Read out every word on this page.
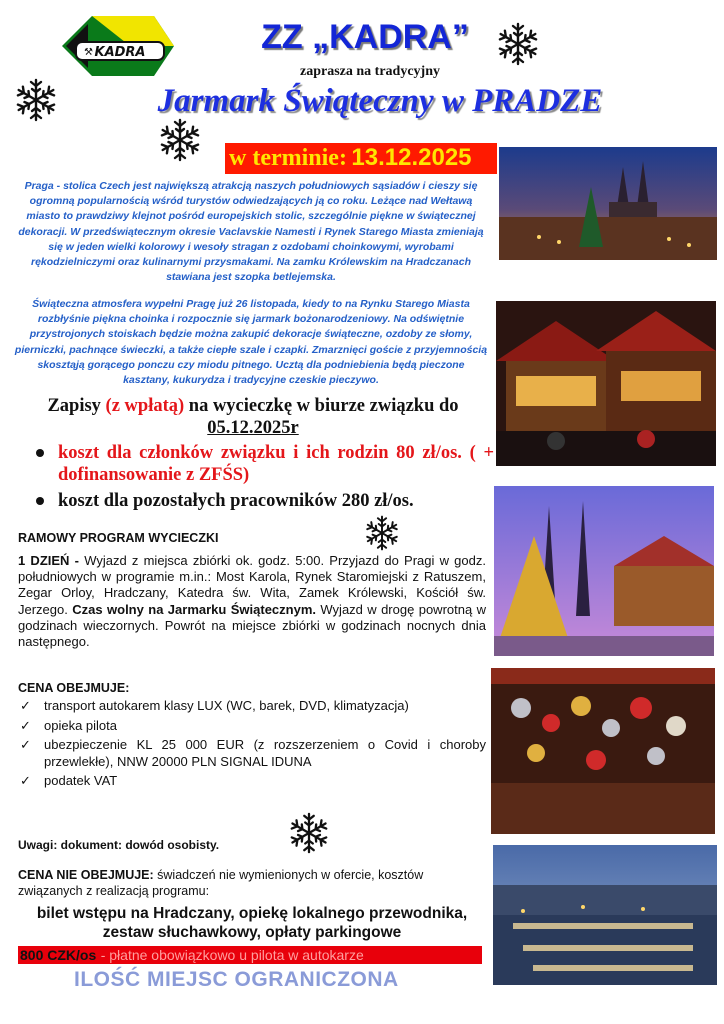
KADRA
⚒	ZZ „KADRA”
zaprasza na tradycyjny
Jarmark Świąteczny w PRADZE
w terminie: 13.12.2025
Praga - stolica Czech jest największą atrakcją naszych południowych sąsiadów i cieszy się ogromną popularnością wśród turystów odwiedzających ją co roku. Leżące nad Wełtawą miasto to prawdziwy klejnot pośród europejskich stolic, szczególnie piękne w świątecznej dekoracji. W przedświątecznym okresie Vaclavskie Namesti i Rynek Starego Miasta zmieniają się w jeden wielki kolorowy i wesoły stragan z ozdobami choinkowymi, wyrobami rękodzielniczymi oraz kulinarnymi przysmakami. Na zamku Królewskim na Hradczanach stawiana jest szopka betlejemska.
Świąteczna atmosfera wypełni Pragę już 26 listopada, kiedy to na Rynku Starego Miasta rozbłyśnie piękna choinka i rozpocznie się jarmark bożonarodzeniowy. Na odświętnie przystrojonych stoiskach będzie można zakupić dekoracje świąteczne, ozdoby ze słomy, pierniczki, pachnące świeczki, a także ciepłe szale i czapki. Zmarznięci goście z przyjemnością skosztąją gorącego ponczu czy miodu pitnego. Ucztą dla podniebienia będą pieczone kasztany, kukurydza i tradycyjne czeskie pieczywo.
Zapisy (z wpłatą) na wycieczkę w biurze związku do
05.12.2025r
koszt dla członków związku i ich rodzin 80 zł/os. ( + dofinansowanie z ZFŚS)
koszt dla pozostałych pracowników 280 zł/os.
RAMOWY PROGRAM WYCIECZKI
1 DZIEŃ - Wyjazd z miejsca zbiórki ok. godz. 5:00. Przyjazd do Pragi w godz. południowych w programie m.in.: Most Karola, Rynek Staromiejski z Ratuszem, Zegar Orloy, Hradczany, Katedra św. Wita, Zamek Królewski, Kościół św. Jerzego. Czas wolny na Jarmarku Świątecznym. Wyjazd w drogę powrotną w godzinach wieczornych. Powrót na miejsce zbiórki w godzinach nocnych dnia następnego.
CENA OBEJMUJE:
✓ transport autokarem klasy LUX (WC, barek, DVD, klimatyzacja)
✓ opieka pilota
✓ ubezpieczenie KL 25 000 EUR (z rozszerzeniem o Covid i choroby przewlekłe), NNW 20000 PLN SIGNAL IDUNA
✓ podatek VAT
Uwagi: dokument: dowód osobisty.
CENA NIE OBEJMUJE: świadczeń nie wymienionych w ofercie, kosztów związanych z realizacją programu:
bilet wstępu na Hradczany, opiekę lokalnego przewodnika, zestaw słuchawkowy, opłaty parkingowe
800 CZK/os - płatne obowiązkowo u pilota w autokarze
ILOŚĆ MIEJSC OGRANICZONA
